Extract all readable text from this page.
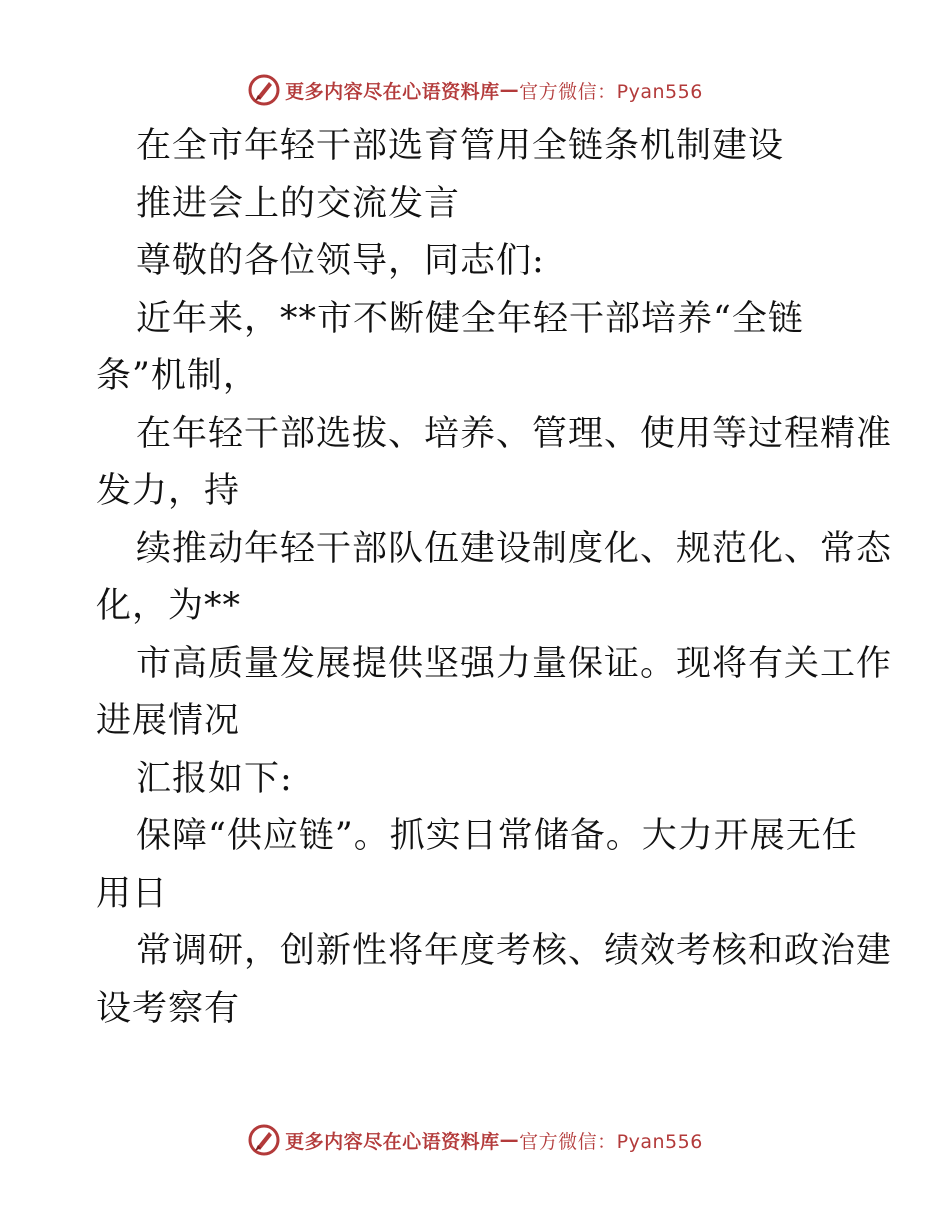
更多内容尽在心语资料库 — 官方微信：Pyan556
在全市年轻干部选育管用全链条机制建设
推进会上的交流发言
尊敬的各位领导，同志们:
近年来，**市不断健全年轻干部培养“全链
条”机制，
在年轻干部选拔、培养、管理、使用等过程精准
发力，持
续推动年轻干部队伍建设制度化、规范化、常态
化，为**
市高质量发展提供坚强力量保证。现将有关工作
进展情况
汇报如下:
保障“供应链”。抓实日常储备。大力开展无任
用日
常调研，创新性将年度考核、绩效考核和政治建
设考察有
更多内容尽在心语资料库 — 官方微信：Pyan556
